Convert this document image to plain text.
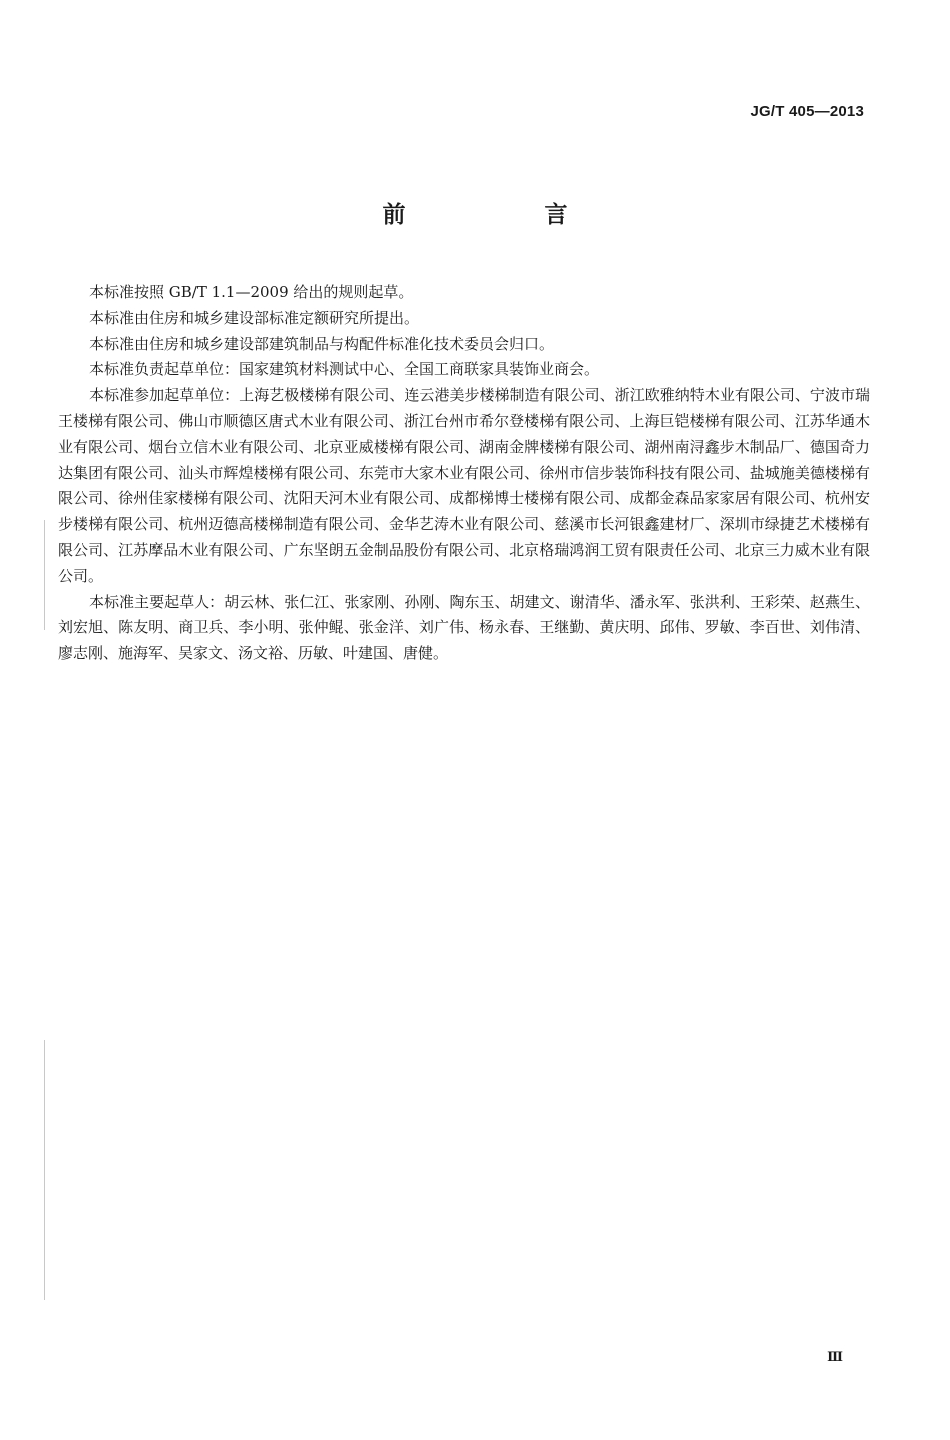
JG/T 405—2013
前　言

本标准按照 GB/T 1.1—2009 给出的规则起草。

本标准由住房和城乡建设部标准定额研究所提出。

本标准由住房和城乡建设部建筑制品与构配件标准化技术委员会归口。

本标准负责起草单位：国家建筑材料测试中心、全国工商联家具装饰业商会。

本标准参加起草单位：上海艺极楼梯有限公司、连云港美步楼梯制造有限公司、浙江欧雅纳特木业有限公司、宁波市瑞王楼梯有限公司、佛山市顺德区唐式木业有限公司、浙江台州市希尔登楼梯有限公司、上海巨铠楼梯有限公司、江苏华通木业有限公司、烟台立信木业有限公司、北京亚威楼梯有限公司、湖南金牌楼梯有限公司、湖州南浔鑫步木制品厂、德国奇力达集团有限公司、汕头市辉煌楼梯有限公司、东莞市大家木业有限公司、徐州市信步装饰科技有限公司、盐城施美德楼梯有限公司、徐州佳家楼梯有限公司、沈阳天河木业有限公司、成都梯博士楼梯有限公司、成都金森品家家居有限公司、杭州安步楼梯有限公司、杭州迈德高楼梯制造有限公司、金华艺涛木业有限公司、慈溪市长河银鑫建材厂、深圳市绿捷艺术楼梯有限公司、江苏摩品木业有限公司、广东坚朗五金制品股份有限公司、北京格瑞鸿润工贸有限责任公司、北京三力威木业有限公司。

本标准主要起草人：胡云林、张仁江、张家刚、孙刚、陶东玉、胡建文、谢清华、潘永军、张洪利、王彩荣、赵燕生、刘宏旭、陈友明、商卫兵、李小明、张仲鲲、张金洋、刘广伟、杨永春、王继勤、黄庆明、邱伟、罗敏、李百世、刘伟清、廖志刚、施海军、吴家文、汤文裕、历敏、叶建国、唐健。

Ⅲ
